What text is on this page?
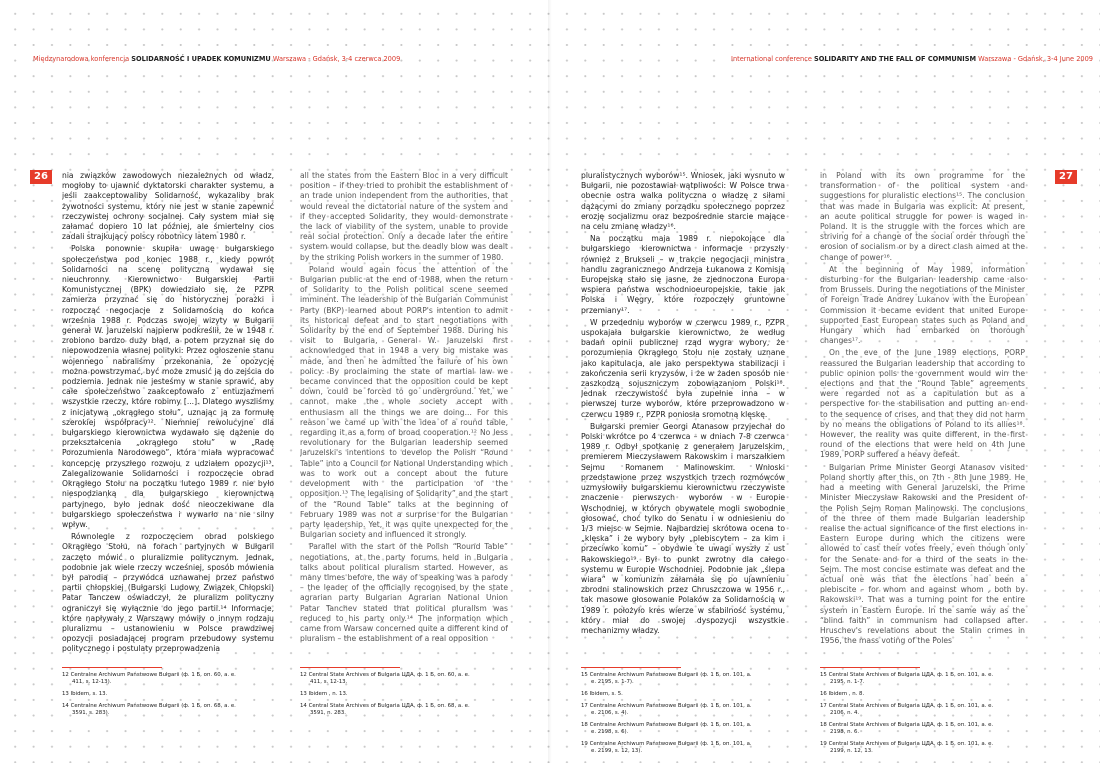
Międzynarodowa konferencja SOLIDARNOŚĆ I UPADEK KOMUNIZMU Warszawa - Gdańsk, 3-4 czerwca 2009
26	nia związków zawodowych niezależnych od władz, mogłoby to ujawnić dyktatorski charakter systemu, a jeśli zaakceptowaliby Solidarność, wykazaliby brak żywotności systemu, który nie jest w stanie zapewnić rzeczywistej ochrony socjalnej. Cały system miał się załamać dopiero 10 lat później, ale śmiertelny cios zadali strajkujący polscy robotnicy latem 1980 r.

Polska ponownie skupiła uwagę bułgarskiego społeczeństwa pod koniec 1988 r., kiedy powrót Solidarności na scenę polityczną wydawał się nieuchronny. Kierownictwo Bułgarskiej Partii Komunistycznej (BPK) dowiedziało się, że PZPR zamierza przyznać się do historycznej porażki i rozpocząć negocjacje z Solidarnością do końca września 1988 r. Podczas swojej wizyty w Bułgarii generał W. Jaruzelski najpierw podkreślił, że w 1948 r. zrobiono bardzo duży błąd, a potem przyznał się do niepowodzenia własnej polityki: Przez ogłoszenie stanu wojennego nabraliśmy przekonania, że opozycję można powstrzymać, być może zmusić ją do zejścia do podziemia. Jednak nie jesteśmy w stanie sprawić, aby całe społeczeństwo zaakceptowało z entuzjazmem wszystkie rzeczy, które robimy [...]. Dlatego wyszliśmy z inicjatywą „okrągłego stołu”, uznając ją za formułę szerokiej współpracy¹². Niemniej rewolucyjne dla bułgarskiego kierownictwa wydawało się dążenie do przekształcenia „okrągłego stołu” w „Radę Porozumienia Narodowego”, która miała wypracować koncepcję przyszłego rozwoju z udziałem opozycji¹³. Zalegalizowanie Solidarności i rozpoczęcie obrad Okrągłego Stołu na początku lutego 1989 r. nie było niespodzianką dla bułgarskiego kierownictwa partyjnego, było jednak dość nieoczekiwane dla bułgarskiego społeczeństwa i wywarło na nie silny wpływ.

Równolegle z rozpoczęciem obrad polskiego Okrągłego Stołu, na forach partyjnych w Bułgarii zaczęto mówić o pluralizmie politycznym. Jednak, podobnie jak wiele rzeczy wcześniej, sposób mówienia był parodią – przywódca uznawanej przez państwo partii chłopskiej (Bułgarski Ludowy Związek Chłopski) Patar Tanczew oświadczył, że pluralizm polityczny ograniczył się wyłącznie do jego partii.¹⁴ Informacje, które napływały z Warszawy mówiły o innym rodzaju pluralizmu – ustanowieniu w Polsce prawdziwej opozycji posiadającej program przebudowy systemu politycznego i postulaty przeprowadzenia

all the states from the Eastern Bloc in a very difficult position – if they tried to prohibit the establishment of an trade union independent from the authorities, that would reveal the dictatorial nature of the system and if they accepted Solidarity, they would demonstrate the lack of viability of the system, unable to provide real social protection. Only a decade later the entire system would collapse, but the deadly blow was dealt by the striking Polish workers in the summer of 1980.

Poland would again focus the attention of the Bulgarian public at the end of 1988, when the return of Solidarity to the Polish political scene seemed imminent. The leadership of the Bulgarian Communist Party (BKP) learned about PORP's intention to admit its historical defeat and to start negotiations with Solidarity by the end of September 1988. During his visit to Bulgaria, General W. Jaruzelski first acknowledged that in 1948 a very big mistake was made, and then he admitted the failure of his own policy: By proclaiming the state of martial law we became convinced that the opposition could be kept down, could be forced to go underground. Yet, we cannot make the whole society accept with enthusiasm all the things we are doing... For this reason we came up with the idea of a round table, regarding it as a form of broad cooperation.¹² No less revolutionary for the Bulgarian leadership seemed Jaruzelski's intentions to develop the Polish “Round Table” into a Council for National Understanding which was to work out a concept about the future development with the participation of the opposition.¹³ The legalising of Solidarity” and the start of the “Round Table” talks at the beginning of February 1989 was not a surprise for the Bulgarian party leadership. Yet, it was quite unexpected for the Bulgarian society and influenced it strongly.

Parallel with the start of the Polish “Round Table” negotiations, at the party forums held in Bulgaria talks about political pluralism started. However, as many times before, the way of speaking was a parody – the leader of the officially recognised by the state agrarian party Bulgarian Agrarian National Union Patar Tanchev stated that political pluralism was reduced to his party only.¹⁴ The information which came from Warsaw concerned quite a different kind of pluralism – the establishment of a real opposition

12 Centralne Archiwum Państwowe Bułgarii (ф. 1 Б, оп. 60, a. e.
411, s. 12-13).
13 Ibidem, s. 13.
14 Centralne Archiwum Państwowe Bułgarii (ф. 1 Б, оп. 68, a. e.
3591, s. 283).
12 Central State Archives of Bulgaria ЦДА, ф. 1 Б, оп. 60, а. е.
411, s. 12-13.
13 Ibidem , n. 13.
14 Central State Archives of Bulgaria ЦДА, ф. 1 Б, оп. 68, а. е.
3591, n. 283.
International conference SOLIDARITY AND THE FALL OF COMMUNISM Warszawa - Gdańsk, 3-4 June 2009
27

pluralistycznych wyborów¹⁵. Wniosek, jaki wysnuto w Bułgarii, nie pozostawiał wątpliwości: W Polsce trwa obecnie ostra walka polityczna o władzę z siłami dążącymi do zmiany porządku społecznego poprzez erozję socjalizmu oraz bezpośrednie starcie mające na celu zmianę władzy¹⁶.

Na początku maja 1989 r. niepokojące dla bułgarskiego kierownictwa informacje przyszły również z Brukseli – w trakcie negocjacji ministra handlu zagranicznego Andrzeja Łukanowa z Komisją Europejską stało się jasne, że zjednoczona Europa wspiera państwa wschodnioeuropejskie, takie jak Polska i Węgry, które rozpoczęły gruntowne przemiany¹⁷.

W przededniu wyborów w czerwcu 1989 r., PZPR uspokajała bułgarskie kierownictwo, że według badań opinii publicznej rząd wygra wybory, że porozumienia Okrągłego Stołu nie zostały uznane jako kapitulacja, ale jako perspektywa stabilizacji i zakończenia serii kryzysów, i że w żaden sposób nie zaszkodzą sojuszniczym zobowiązaniom Polski¹⁸. Jednak rzeczywistość była zupełnie inna – w pierwszej turze wyborów, które przeprowadzono w czerwcu 1989 r., PZPR poniosła sromotną klęskę.

Bułgarski premier Georgi Atanasow przyjechał do Polski wkrótce po 4 czerwca – w dniach 7-8 czerwca 1989 r. Odbył spotkanie z generałem Jaruzelskim, premierem Mieczysławem Rakowskim i marszałkiem Sejmu Romanem Malinowskim. Wnioski przedstawione przez wszystkich trzech rozmówców uzmysłowiły bułgarskiemu kierownictwu rzeczywiste znaczenie pierwszych wyborów w Europie Wschodniej, w których obywatele mogli swobodnie głosować, choć tylko do Senatu i w odniesieniu do 1/3 miejsc w Sejmie. Najbardziej skrótowa ocena to „klęska” i że wybory były „plebiscytem – za kim i przeciwko komu” – obydwie te uwagi wyszły z ust Rakowskiego¹⁹. Był to punkt zwrotny dla całego systemu w Europie Wschodniej. Podobnie jak „ślepa wiara” w komunizm załamała się po ujawnieniu zbrodni stalinowskich przez Chruszczowa w 1956 r., tak masowe głosowanie Polaków za Solidarnością w 1989 r. położyło kres wierze w stabilność systemu, który miał do swojej dyspozycji wszystkie mechanizmy władzy.

in Poland with its own programme for the transformation of the political system and suggestions for pluralistic elections¹⁵. The conclusion that was made in Bulgaria was explicit: At present, an acute political struggle for power is waged in Poland. It is the struggle with the forces which are striving for a change of the social order through the erosion of socialism or by a direct clash aimed at the change of power¹⁶.

At the beginning of May 1989, information disturbing for the Bulgarian leadership came also from Brussels. During the negotiations of the Minister of Foreign Trade Andrey Lukanov with the European Commission it became evident that united Europe supported East European states such as Poland and Hungary which had embarked on thorough changes¹⁷.

On the eve of the June 1989 elections, PORP reassured the Bulgarian leadership that according to public opinion polls the government would win the elections and that the “Round Table” agreements were regarded not as a capitulation but as a perspective for the stabilisation and putting an end to the sequence of crises, and that they did not harm by no means the obligations of Poland to its allies¹⁸. However, the reality was quite different, in the first round of the elections that were held on 4th June 1989, PORP suffered a heavy defeat.

Bulgarian Prime Minister Georgi Atanasov visited Poland shortly after this, on 7th - 8th June 1989. He had a meeting with General Jaruzelski, the Prime Minister Mieczysław Rakowski and the President of the Polish Sejm Roman Malinowski. The conclusions of the three of them made Bulgarian leadership realise the actual significance of the first elections in Eastern Europe during which the citizens were allowed to cast their votes freely, even though only for the Senate and for a third of the seats in the Sejm. The most concise estimate was defeat and the actual one was that the elections had been a plebiscite – for whom and against whom , both by Rakowski¹⁹. That was a turning point for the entire system in Eastern Europe. In the same way as the “blind faith” in communism had collapsed after Hruschev's revelations about the Stalin crimes in 1956, the mass voting of the Poles

15 Centralne Archiwum Państwowe Bułgarii (ф. 1 Б, оп. 101, a.
e. 2195, s. 1-7).
16 Ibidem, s. 5.
17 Centralne Archiwum Państwowe Bułgarii (ф. 1 Б, оп. 101, a.
e. 2106, s. 4).
18 Centralne Archiwum Państwowe Bułgarii (ф. 1 Б, оп. 101, a.
e. 2198, s. 6).
19 Centralne Archiwum Państwowe Bułgarii (ф. 1 Б, оп. 101, a.
e. 2199, s. 12, 13).
15 Central State Archives of Bulgaria ЦДА, ф. 1 Б, оп. 101, а. е.
2195, n. 1-7.
16 Ibidem , n. 8.
17 Central State Archives of Bulgaria ЦДА, ф. 1 Б, оп. 101, а. е.
2106, n. 4.
18 Central State Archives of Bulgaria ЦДА, ф. 1 Б, оп. 101, а. е.
2198, n. 6.
19 Central State Archives of Bulgaria ЦДА, ф. 1 Б, оп. 101, а. е.
2199, n. 12, 13.
